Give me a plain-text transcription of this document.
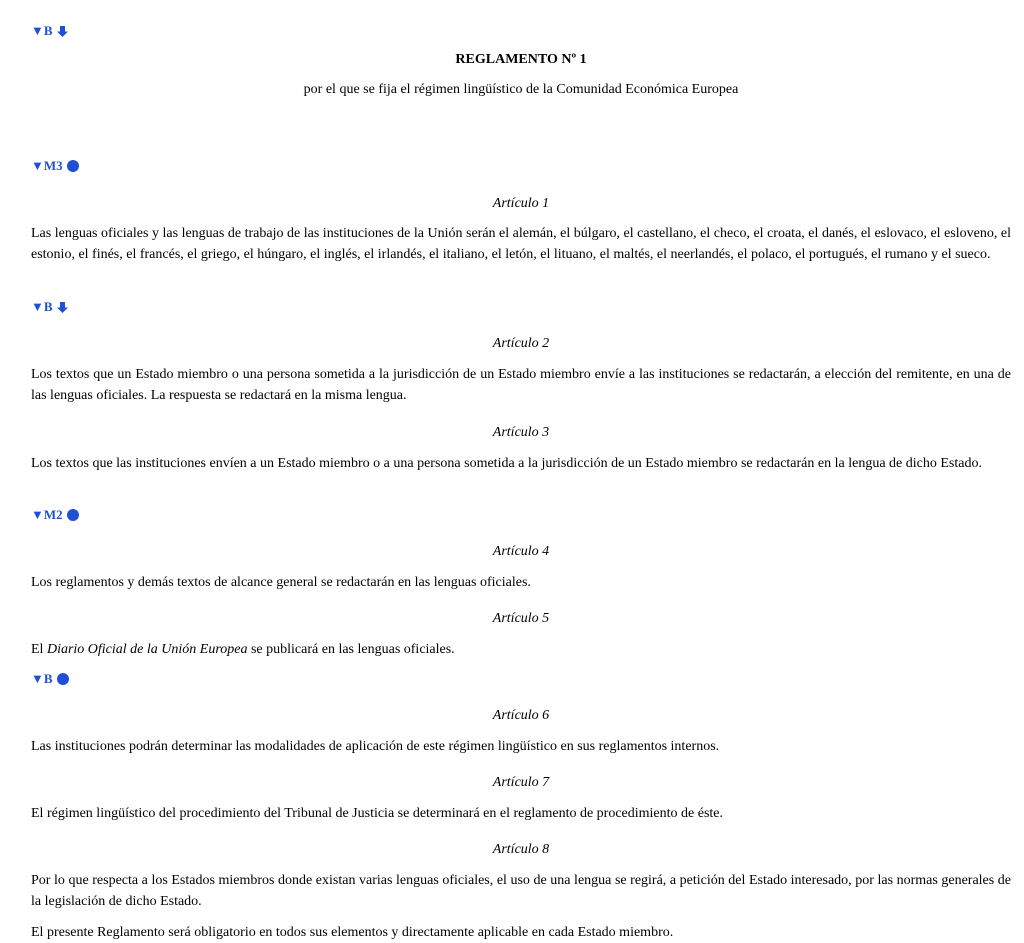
▼B
REGLAMENTO Nº 1
por el que se fija el régimen lingüístico de la Comunidad Económica Europea
▼M3
Artículo 1
Las lenguas oficiales y las lenguas de trabajo de las instituciones de la Unión serán el alemán, el búlgaro, el castellano, el checo, el croata, el danés, el eslovaco, el esloveno, el estonio, el finés, el francés, el griego, el húngaro, el inglés, el irlandés, el italiano, el letón, el lituano, el maltés, el neerlandés, el polaco, el portugués, el rumano y el sueco.
▼B
Artículo 2
Los textos que un Estado miembro o una persona sometida a la jurisdicción de un Estado miembro envíe a las instituciones se redactarán, a elección del remitente, en una de las lenguas oficiales. La respuesta se redactará en la misma lengua.
Artículo 3
Los textos que las instituciones envíen a un Estado miembro o a una persona sometida a la jurisdicción de un Estado miembro se redactarán en la lengua de dicho Estado.
▼M2
Artículo 4
Los reglamentos y demás textos de alcance general se redactarán en las lenguas oficiales.
Artículo 5
El Diario Oficial de la Unión Europea se publicará en las lenguas oficiales.
▼B
Artículo 6
Las instituciones podrán determinar las modalidades de aplicación de este régimen lingüístico en sus reglamentos internos.
Artículo 7
El régimen lingüístico del procedimiento del Tribunal de Justicia se determinará en el reglamento de procedimiento de éste.
Artículo 8
Por lo que respecta a los Estados miembros donde existan varias lenguas oficiales, el uso de una lengua se regirá, a petición del Estado interesado, por las normas generales de la legislación de dicho Estado.
El presente Reglamento será obligatorio en todos sus elementos y directamente aplicable en cada Estado miembro.
